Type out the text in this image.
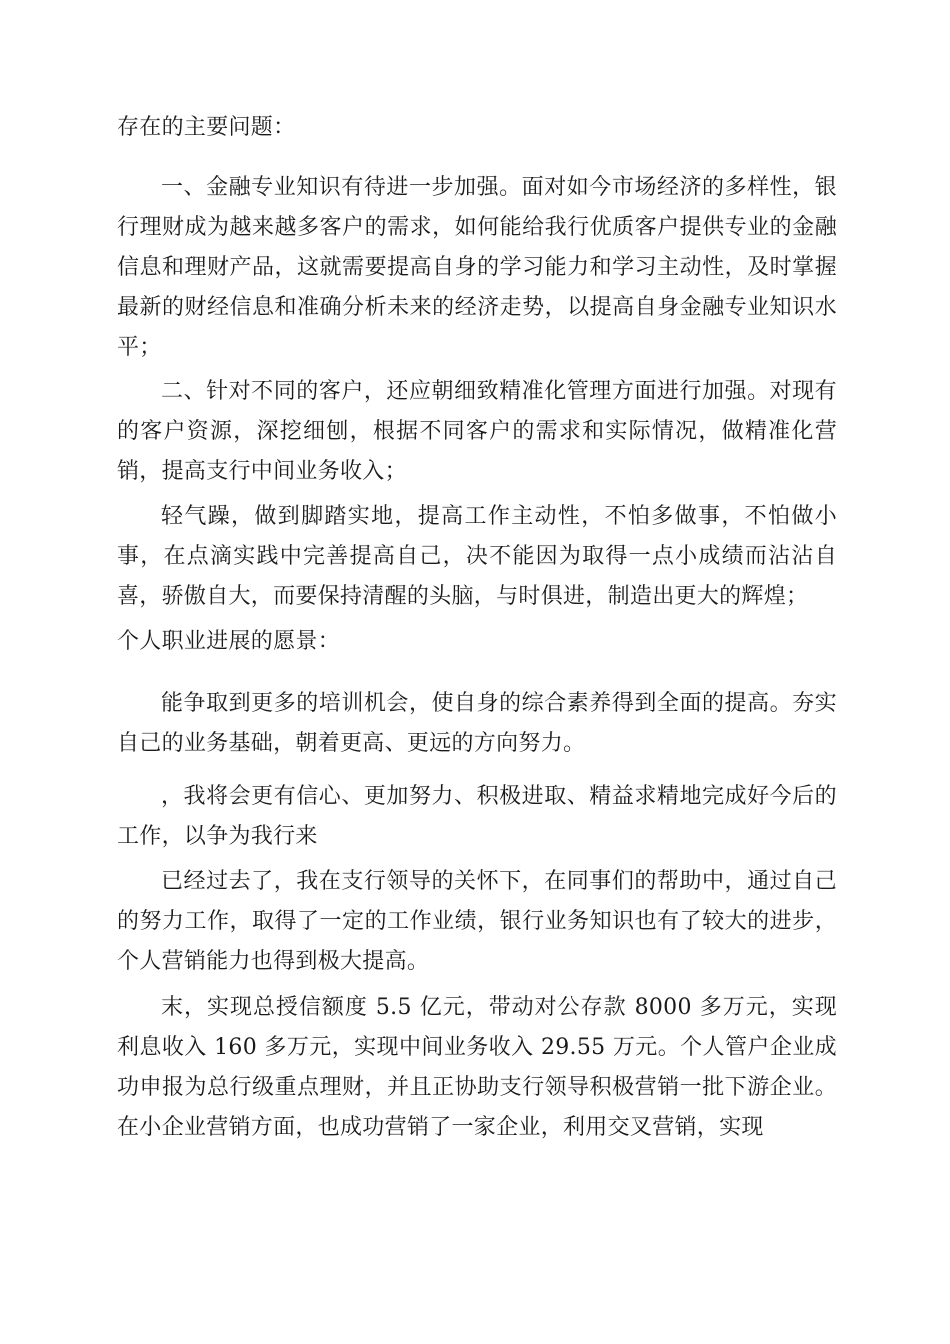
存在的主要问题：

一、金融专业知识有待进一步加强。面对如今市场经济的多样性，银行理财成为越来越多客户的需求，如何能给我行优质客户提供专业的金融信息和理财产品，这就需要提高自身的学习能力和学习主动性，及时掌握最新的财经信息和准确分析未来的经济走势，以提高自身金融专业知识水平；

二、针对不同的客户，还应朝细致精准化管理方面进行加强。对现有的客户资源，深挖细刨，根据不同客户的需求和实际情况，做精准化营销，提高支行中间业务收入；

轻气躁，做到脚踏实地，提高工作主动性，不怕多做事，不怕做小事，在点滴实践中完善提高自己，决不能因为取得一点小成绩而沾沾自喜，骄傲自大，而要保持清醒的头脑，与时俱进，制造出更大的辉煌；

个人职业进展的愿景：

能争取到更多的培训机会，使自身的综合素养得到全面的提高。夯实自己的业务基础，朝着更高、更远的方向努力。

，我将会更有信心、更加努力、积极进取、精益求精地完成好今后的工作，以争为我行来

已经过去了，我在支行领导的关怀下，在同事们的帮助中，通过自己的努力工作，取得了一定的工作业绩，银行业务知识也有了较大的进步，个人营销能力也得到极大提高。

末，实现总授信额度 5.5 亿元，带动对公存款 8000 多万元，实现利息收入 160 多万元，实现中间业务收入 29.55 万元。个人管户企业成功申报为总行级重点理财，并且正协助支行领导积极营销一批下游企业。在小企业营销方面，也成功营销了一家企业，利用交叉营销，实现
